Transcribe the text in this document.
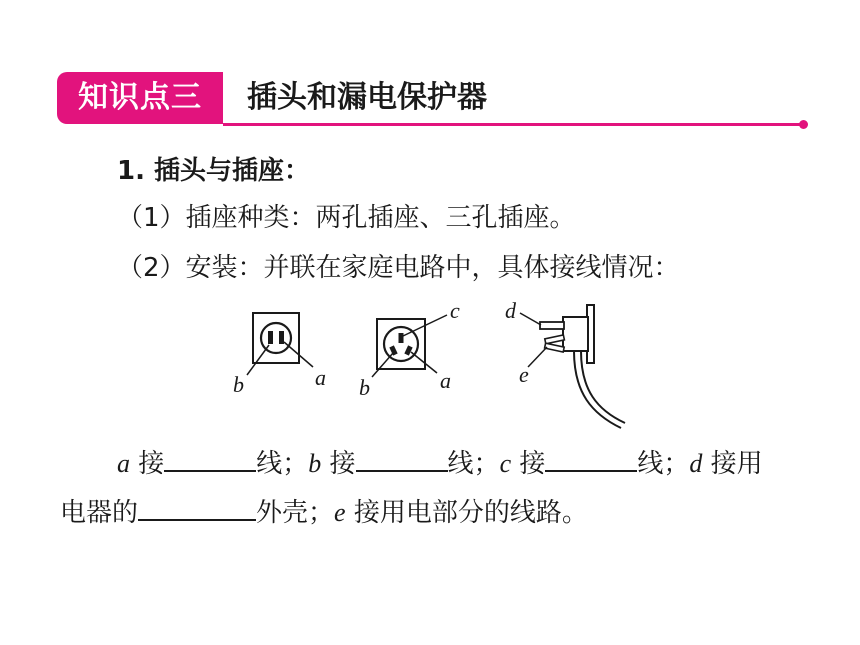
知识点三	插头和漏电保护器
1. 插头与插座：
（1）插座种类：两孔插座、三孔插座。
（2）安装：并联在家庭电路中，具体接线情况：
b	a
c
b	a
d
e
a 接	线；b 接	线；c 接	线；d 接用
电器的	外壳；e 接用电部分的线路。
